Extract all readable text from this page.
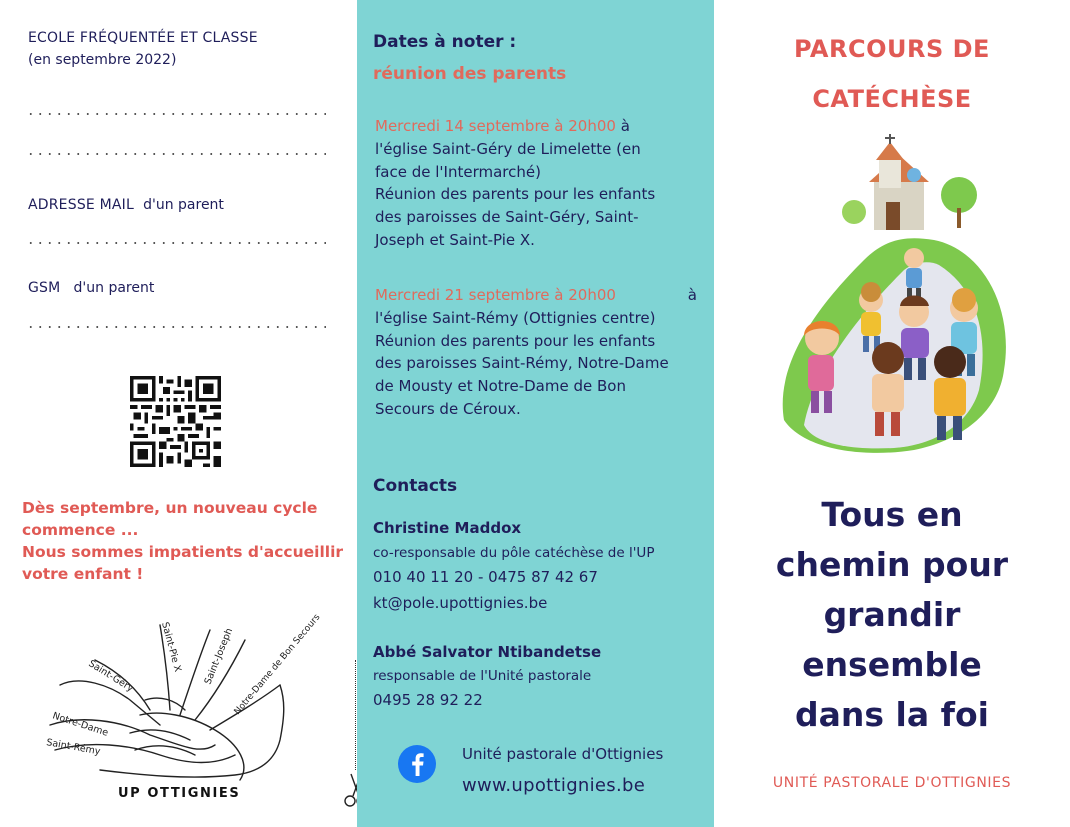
ECOLE FRÉQUENTÉE ET CLASSE
(en septembre 2022)
ADRESSE MAIL d'un parent
GSM d'un parent
Dès septembre, un nouveau cycle
commence ...
Nous sommes impatients d'accueillir
votre enfant !
Saint-Géry
Saint-Pie X Saint-Joseph
Notre-Dame de Bon Secours
Notre-Dame
Saint-Rémy
UP OTTIGNIES
Dates à noter :
réunion des parents
Mercredi 14 septembre à 20h00 à
l'église Saint-Géry de Limelette (en
face de l'Intermarché)
Réunion des parents pour les enfants
des paroisses de Saint-Géry, Saint-
Joseph et Saint-Pie X.
Mercredi 21 septembre à 20h00	à
l'église Saint-Rémy (Ottignies centre)
Réunion des parents pour les enfants
des paroisses Saint-Rémy, Notre-Dame
de Mousty et Notre-Dame de Bon
Secours de Céroux.
Contacts
Christine Maddox
co-responsable du pôle catéchèse de l'UP
010 40 11 20 - 0475 87 42 67
kt@pole.upottignies.be
Abbé Salvator Ntibandetse
responsable de l'Unité pastorale
0495 28 92 22
Unité pastorale d'Ottignies
www.upottignies.be
PARCOURS DE
CATÉCHÈSE
Tous en
chemin pour
grandir
ensemble
dans la foi
UNITÉ PASTORALE D'OTTIGNIES
